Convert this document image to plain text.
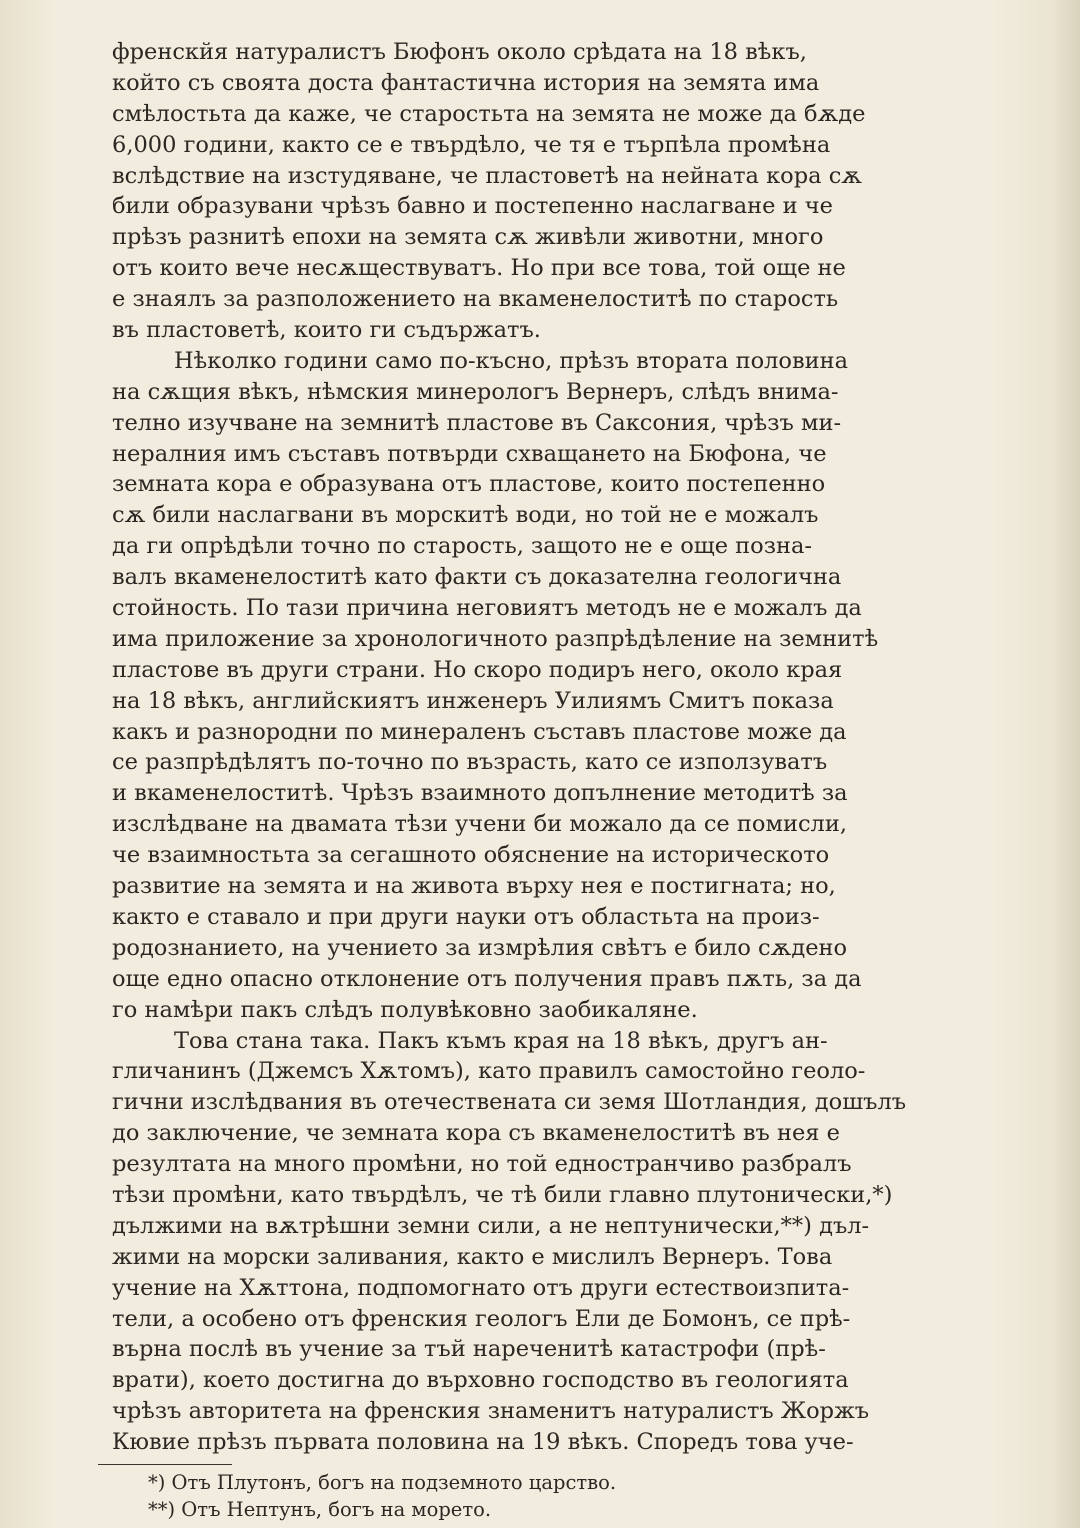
френскйя натуралистъ Бюфонъ около срѣдата на 18 вѣкъ,
който съ своята доста фантастична история на земята има
смѣлостьта да каже, че старостьта на земята не може да бѫде
6,000 години, както се е твърдѣло, че тя е търпѣла промѣна
вслѣдствие на изстудяване, че пластоветѣ на нейната кора сѫ
били образувани чрѣзъ бавно и постепенно наслагване и че
прѣзъ разнитѣ епохи на земята сѫ живѣли животни, много
отъ които вече несѫществуватъ. Но при все това, той още не
е знаялъ за разположението на вкаменелоститѣ по старость
въ пластоветѣ, които ги съдържатъ.
Нѣколко години само по-късно, прѣзъ втората половина
на сѫщия вѣкъ, нѣмския минерологъ Вернеръ, слѣдъ внима-
телно изучване на земнитѣ пластове въ Саксония, чрѣзъ ми-
нералния имъ съставъ потвърди схващането на Бюфона, че
земната кора е образувана отъ пластове, които постепенно
сѫ били наслагвани въ морскитѣ води, но той не е можалъ
да ги опрѣдѣли точно по старость, защото не е още позна-
валъ вкаменелоститѣ като факти съ доказателна геологична
стойность. По тази причина неговиятъ методъ не е можалъ да
има приложение за хронологичното разпрѣдѣление на земнитѣ
пластове въ други страни. Но скоро подиръ него, около края
на 18 вѣкъ, английскиятъ инженеръ Уилиямъ Смитъ показа
какъ и разнородни по минераленъ съставъ пластове може да
се разпрѣдѣлятъ по-точно по възрасть, като се използуватъ
и вкаменелоститѣ. Чрѣзъ взаимното допълнение методитѣ за
изслѣдване на двамата тѣзи учени би можало да се помисли,
че взаимностьта за сегашното обяснение на историческото
развитие на земята и на живота върху нея е постигната; но,
както е ставало и при други науки отъ областьта на произ-
родознанието, на учението за измрѣлия свѣтъ е било сѫдено
още едно опасно отклонение отъ получения правъ пѫть, за да
го намѣри пакъ слѣдъ полувѣковно заобикаляне.
Това стана така. Пакъ къмъ края на 18 вѣкъ, другъ ан-
гличанинъ (Джемсъ Хѫтомъ), като правилъ самостойно геоло-
гични изслѣдвания въ отечествената си земя Шотландия, дошълъ
до заключение, че земната кора съ вкаменелоститѣ въ нея е
резултата на много промѣни, но той едностранчиво разбралъ
тѣзи промѣни, като твърдѣлъ, че тѣ били главно плутонически,*)
дължими на вѫтрѣшни земни сили, а не нептунически,**) дъл-
жими на морски заливания, както е мислилъ Вернеръ. Това
учение на Хѫттона, подпомогнато отъ други естествоизпита-
тели, а особено отъ френския геологъ Ели де Бомонъ, се прѣ-
върна послѣ въ учение за тъй нареченитѣ катастрофи (прѣ-
врати), което достигна до върховно господство въ геологията
чрѣзъ авторитета на френския знаменитъ натуралистъ Жоржъ
Кювие прѣзъ първата половина на 19 вѣкъ. Споредъ това уче-
*) Отъ Плутонъ, богъ на подземното царство.
**) Отъ Нептунъ, богъ на морето.
